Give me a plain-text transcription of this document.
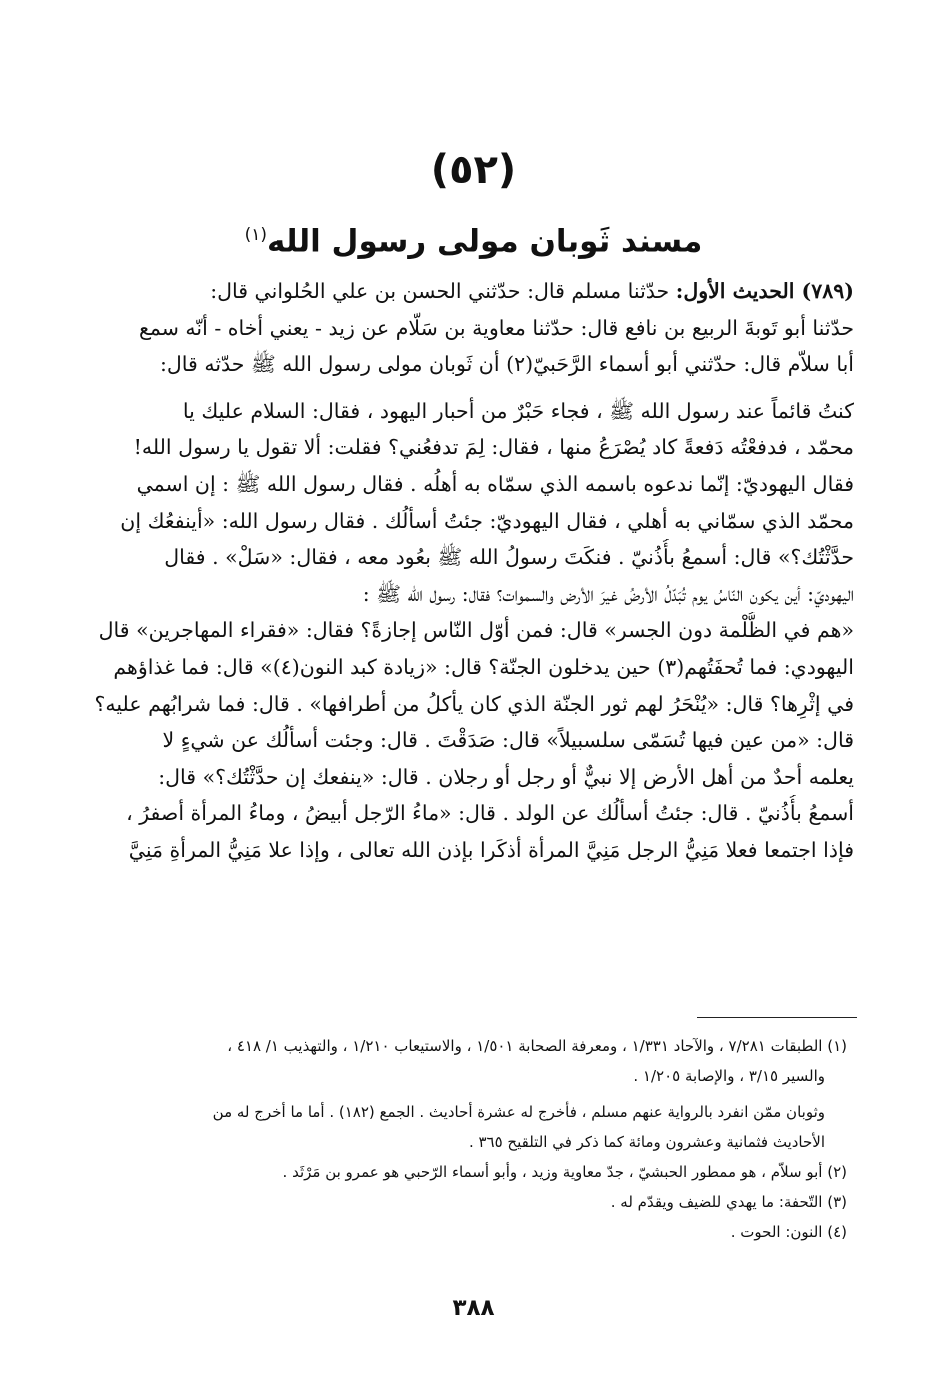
(٥٢)
مسند ثَوبان مولى رسول الله$^{(١)}$
(٧٨٩) الحديث الأول: حدّثنا مسلم قال: حدّثني الحسن بن علي الحُلواني قال:
حدّثنا أبو تَوبةَ الربيع بن نافع قال: حدّثنا معاوية بن سَلّام عن زيد - يعني أخاه - أنّه سمع
أبا سلاّم قال: حدّثني أبو أسماء الرَّحَبيّ(٢) أن ثَوبان مولى رسول الله ﷺ حدّثه قال:
كنتُ قائماً عند رسول الله ﷺ ، فجاء حَبْرٌ من أحبار اليهود ، فقال: السلام عليك يا
محمّد ، فدفعْتُه دَفعةً كاد يُصْرَعُ منها ، فقال: لِمَ تدفعُني؟ فقلت: ألا تقول يا رسول الله!
فقال اليهوديّ: إنّما ندعوه باسمه الذي سمّاه به أهلُه . فقال رسول الله ﷺ : إن اسمي
محمّد الذي سمّاني به أهلي ، فقال اليهوديّ: جئتُ أسألُك . فقال رسول الله: «أينفعُك إن
حدَّثْتُك؟» قال: أسمعُ بأُذُنيّ . فنكَتَ رسولُ الله ﷺ بعُود معه ، فقال: «سَلْ» . فقال
اليهوديّ: أين يكون النّاسُ يوم تُبَدّلُ الأرضُ غيرَ الأرض والسموات؟ فقال: رسول الله ﷺ :
«هم في الظُّلْمة دون الجسر» قال: فمن أوّل النّاس إجازةً؟ فقال: «فقراء المهاجرين» قال
اليهودي: فما تُحفَتُهم(٣) حين يدخلون الجنّة؟ قال: «زيادة كبد النون(٤)» قال: فما غذاؤهم
في إثْرِها؟ قال: «يُنْحَرُ لهم ثور الجنّة الذي كان يأكلُ من أطرافها» . قال: فما شرابُهم عليه؟
قال: «من عين فيها تُسَمّى سلسبيلاً» قال: صَدَقْتَ . قال: وجئت أسألُك عن شيءٍ لا
يعلمه أحدٌ من أهل الأرض إلا نبيٌّ أو رجل أو رجلان . قال: «ينفعك إن حدَّثْتُك؟» قال:
أسمعُ بأُذُنيّ . قال: جئتُ أسألُك عن الولد . قال: «ماءُ الرّجل أبيضُ ، وماءُ المرأة أصفرُ ،
فإذا اجتمعا فعلا مَنِيُّ الرجل مَنِيَّ المرأة أذكَرا بإذن الله تعالى ، وإذا علا مَنِيُّ المرأةِ مَنِيَّ
(١) الطبقات ٧/٢٨١ ، والآحاد ١/٣٣١ ، ومعرفة الصحابة ١/٥٠١ ، والاستيعاب ١/٢١٠ ، والتهذيب ١/ ٤١٨ ،
والسير ٣/١٥ ، والإصابة ١/٢٠٥ .
وثوبان ممّن انفرد بالرواية عنهم مسلم ، فأخرج له عشرة أحاديث . الجمع (١٨٢) . أما ما أخرج له من
الأحاديث فثمانية وعشرون ومائة كما ذكر في التلقيح ٣٦٥ .
(٢) أبو سلاّم ، هو ممطور الحبشيّ ، جدّ معاوية وزيد ، وأبو أسماء الرّحبي هو عمرو بن مَرْثَد .
(٣) التّحفة: ما يهدي للضيف ويقدّم له .
(٤) النون: الحوت .
٣٨٨
